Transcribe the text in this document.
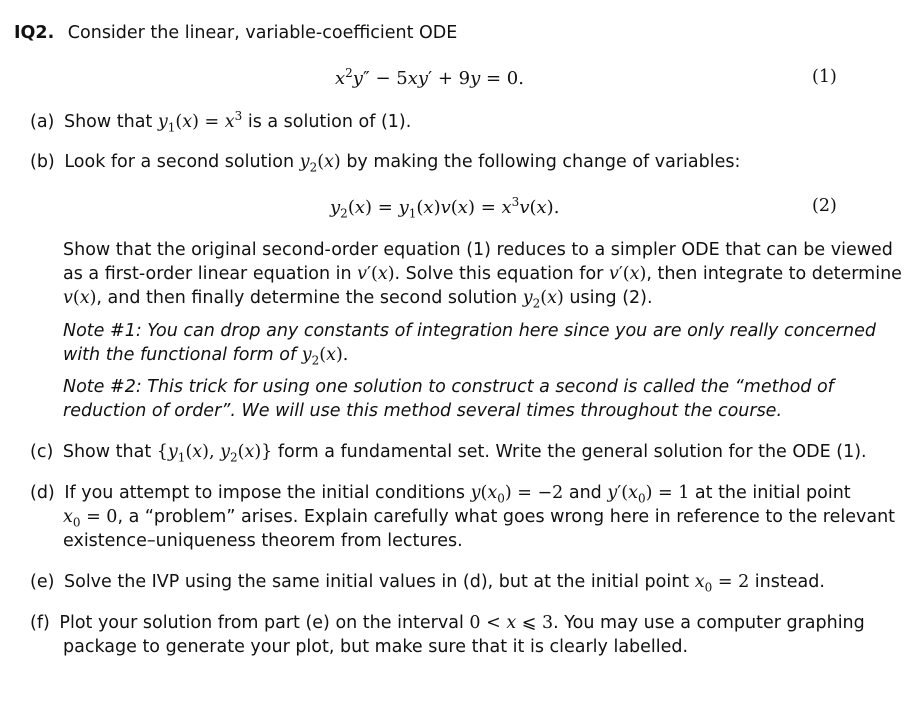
IQ2. Consider the linear, variable-coefficient ODE
$x^2y'' - 5xy' + 9y = 0$.	(1)
(a) Show that $y_1(x) = x^3$ is a solution of (1).
(b) Look for a second solution $y_2(x)$ by making the following change of variables:
$y_2(x) = y_1(x)v(x) = x^3v(x)$.	(2)
Show that the original second-order equation (1) reduces to a simpler ODE that can be viewed
as a first-order linear equation in v′(x). Solve this equation for v′(x), then integrate to determine
v(x), and then finally determine the second solution $y_2(x)$ using (2).
Note #1: You can drop any constants of integration here since you are only really concerned
with the functional form of $y_2(x)$.
Note #2: This trick for using one solution to construct a second is called the “method of
reduction of order”. We will use this method several times throughout the course.
(c) Show that {$y_1(x)$, $y_2(x)$} form a fundamental set. Write the general solution for the ODE (1).
(d) If you attempt to impose the initial conditions $y(x_0) = -2$ and $y'(x_0) = 1$ at the initial point
$x_0 = 0$, a “problem” arises. Explain carefully what goes wrong here in reference to the relevant
existence–uniqueness theorem from lectures.
(e) Solve the IVP using the same initial values in (d), but at the initial point $x_0 = 2$ instead.
(f) Plot your solution from part (e) on the interval 0 < x ⩽ 3. You may use a computer graphing
package to generate your plot, but make sure that it is clearly labelled.
